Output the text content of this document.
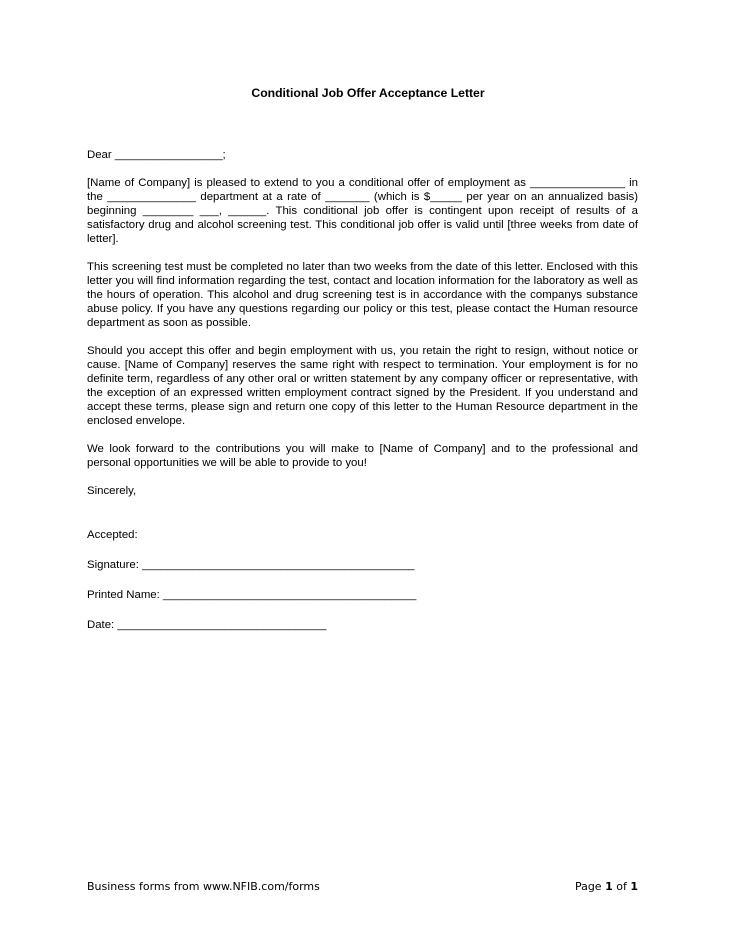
Conditional Job Offer Acceptance Letter
Dear _________________;
[Name of Company] is pleased to extend to you a conditional offer of employment as _______________ in the ______________ department at a rate of _______ (which is $_____ per year on an annualized basis) beginning ________ ___, ______. This conditional job offer is contingent upon receipt of results of a satisfactory drug and alcohol screening test. This conditional job offer is valid until [three weeks from date of letter].
This screening test must be completed no later than two weeks from the date of this letter. Enclosed with this letter you will find information regarding the test, contact and location information for the laboratory as well as the hours of operation. This alcohol and drug screening test is in accordance with the companys substance abuse policy. If you have any questions regarding our policy or this test, please contact the Human resource department as soon as possible.
Should you accept this offer and begin employment with us, you retain the right to resign, without notice or cause. [Name of Company] reserves the same right with respect to termination. Your employment is for no definite term, regardless of any other oral or written statement by any company officer or representative, with the exception of an expressed written employment contract signed by the President. If you understand and accept these terms, please sign and return one copy of this letter to the Human Resource department in the enclosed envelope.
We look forward to the contributions you will make to [Name of Company] and to the professional and personal opportunities we will be able to provide to you!
Sincerely,
Accepted:
Signature: ___________________________________________
Printed Name: ________________________________________
Date: _________________________________
Business forms from www.NFIB.com/forms	Page 1 of 1
